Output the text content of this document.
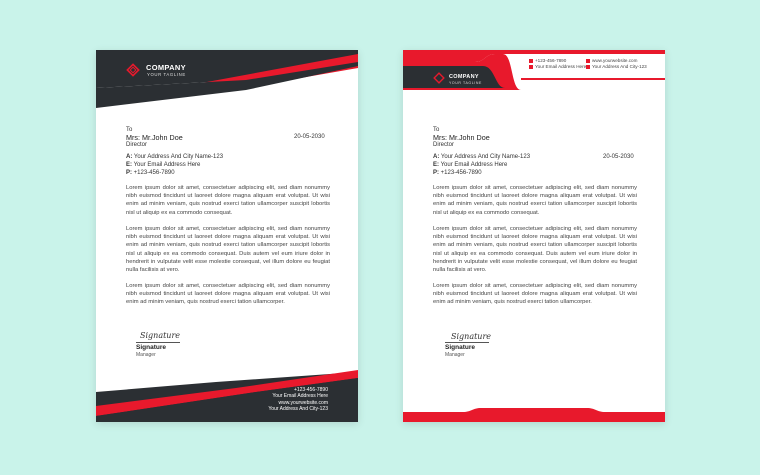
COMPANY
YOUR TAGLINE
To
Mrs: Mr.John Doe
Director
20-05-2030
A: Your Address And City Name-123
E: Your Email Address Here
P: +123-456-7890
Lorem ipsum dolor sit amet, consectetuer adipiscing elit, sed diam nonummy nibh euismod tincidunt ut laoreet dolore magna aliquam erat volutpat. Ut wisi enim ad minim veniam, quis nostrud exerci tation ullamcorper suscipit lobortis nisl ut aliquip ex ea commodo consequat.
Lorem ipsum dolor sit amet, consectetuer adipiscing elit, sed diam nonummy nibh euismod tincidunt ut laoreet dolore magna aliquam erat volutpat. Ut wisi enim ad minim veniam, quis nostrud exerci tation ullamcorper suscipit lobortis nisl ut aliquip ex ea commodo consequat. Duis autem vel eum iriure dolor in hendrerit in vulputate velit esse molestie consequat, vel illum dolore eu feugiat nulla facilisis at vero.
Lorem ipsum dolor sit amet, consectetuer adipiscing elit, sed diam nonummy nibh euismod tincidunt ut laoreet dolore magna aliquam erat volutpat. Ut wisi enim ad minim veniam, quis nostrud exerci tation ullamcorper.
Signature
Signature
Manager
+123-456-7890
Your Email Address Here
www.yourwebsite.com
Your Address And City-123
COMPANY
YOUR TAGLINE
+123-456-7890
Your Email Address Here
www.yourwebsite.com
Your Address And City-123
To
Mrs: Mr.John Doe
Director
20-05-2030
A: Your Address And City Name-123
E: Your Email Address Here
P: +123-456-7890
Lorem ipsum dolor sit amet, consectetuer adipiscing elit, sed diam nonummy nibh euismod tincidunt ut laoreet dolore magna aliquam erat volutpat. Ut wisi enim ad minim veniam, quis nostrud exerci tation ullamcorper suscipit lobortis nisl ut aliquip ex ea commodo consequat.
Lorem ipsum dolor sit amet, consectetuer adipiscing elit, sed diam nonummy nibh euismod tincidunt ut laoreet dolore magna aliquam erat volutpat. Ut wisi enim ad minim veniam, quis nostrud exerci tation ullamcorper suscipit lobortis nisl ut aliquip ex ea commodo consequat. Duis autem vel eum iriure dolor in hendrerit in vulputate velit esse molestie consequat, vel illum dolore eu feugiat nulla facilisis at vero.
Lorem ipsum dolor sit amet, consectetuer adipiscing elit, sed diam nonummy nibh euismod tincidunt ut laoreet dolore magna aliquam erat volutpat. Ut wisi enim ad minim veniam, quis nostrud exerci tation ullamcorper.
Signature
Signature
Manager
